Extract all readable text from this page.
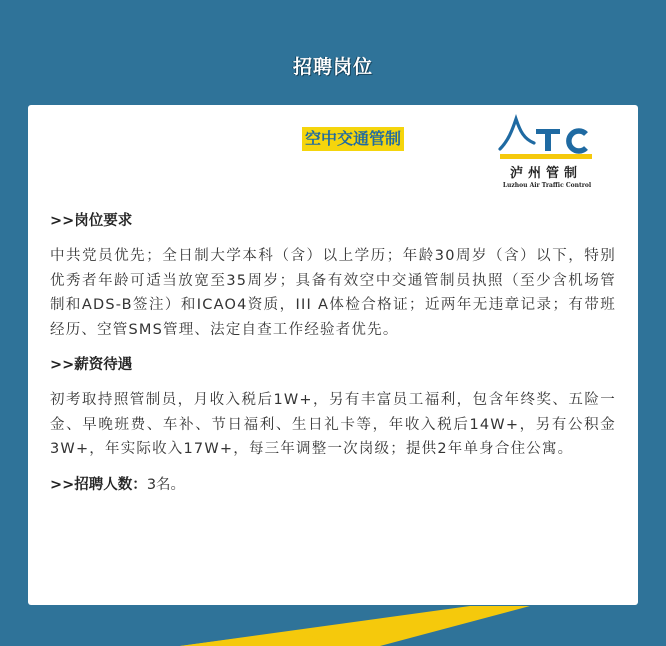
招聘岗位
空中交通管制
泸州管制
Luzhou Air Traffic Control
>>岗位要求
中共党员优先；全日制大学本科（含）以上学历；年龄30周岁（含）以下，特别优秀者年龄可适当放宽至35周岁；具备有效空中交通管制员执照（至少含机场管制和ADS-B签注）和ICAO4资质，III A体检合格证；近两年无违章记录；有带班经历、空管SMS管理、法定自查工作经验者优先。
>>薪资待遇
初考取持照管制员，月收入税后1W+，另有丰富员工福利，包含年终奖、五险一金、早晚班费、车补、节日福利、生日礼卡等，年收入税后14W+，另有公积金3W+，年实际收入17W+，每三年调整一次岗级；提供2年单身合住公寓。
>>招聘人数：3名。
